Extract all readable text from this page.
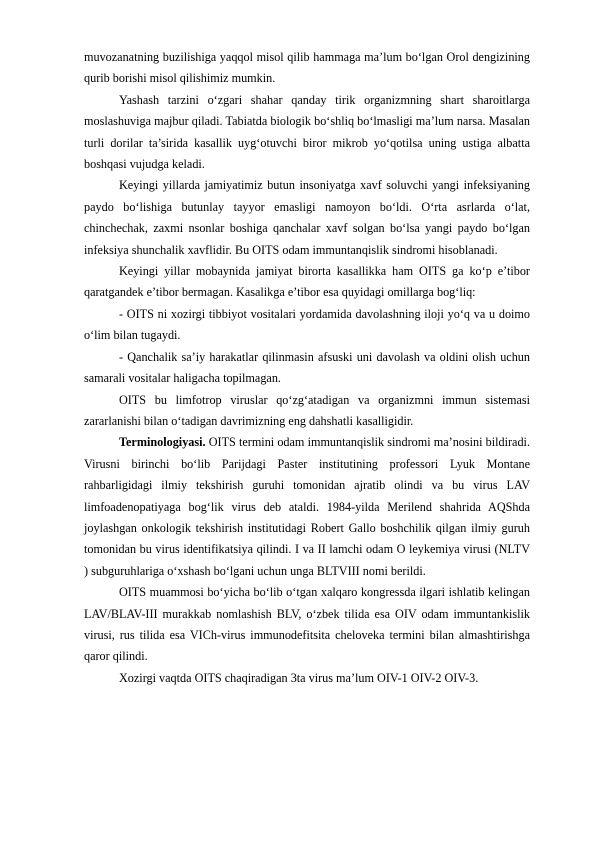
muvozanatning buzilishiga yaqqol misol qilib hammaga ma’lum bo‘lgan Orol dengizining qurib borishi misol qilishimiz mumkin.

Yashash tarzini o‘zgari shahar qanday tirik organizmning shart sharoitlarga moslashuviga majbur qiladi. Tabiatda biologik bo‘shliq bo‘lmasligi ma’lum narsa. Masalan turli dorilar ta’sirida kasallik uyg‘otuvchi biror mikrob yo‘qotilsa uning ustiga albatta boshqasi vujudga keladi.

Keyingi yillarda jamiyatimiz butun insoniyatga xavf soluvchi yangi infeksiyaning paydo bo‘lishiga butunlay tayyor emasligi namoyon bo‘ldi. O‘rta asrlarda o‘lat, chinchechak, zaxmi nsonlar boshiga qanchalar xavf solgan bo‘lsa yangi paydo bo‘lgan infeksiya shunchalik xavflidir. Bu OITS odam immuntanqislik sindromi hisoblanadi.

Keyingi yillar mobaynida jamiyat birorta kasallikka ham OITS ga ko‘p e’tibor qaratgandek e’tibor bermagan. Kasalikga e’tibor esa quyidagi omillarga bog‘liq:

- OITS ni xozirgi tibbiyot vositalari yordamida davolashning iloji yo‘q va u doimo o‘lim bilan tugaydi.

- Qanchalik sa’iy harakatlar qilinmasin afsuski uni davolash va oldini olish uchun samarali vositalar haligacha topilmagan.

OITS bu limfotrop viruslar qo‘zg‘atadigan va organizmni immun sistemasi zararlanishi bilan o‘tadigan davrimizning eng dahshatli kasalligidir.

Terminologiyasi. OITS termini odam immuntanqislik sindromi ma’nosini bildiradi. Virusni birinchi bo‘lib Parijdagi Paster institutining professori Lyuk Montane rahbarligidagi ilmiy tekshirish guruhi tomonidan ajratib olindi va bu virus LAV limfoadenopatiyaga bog‘lik virus deb ataldi. 1984-yilda Merilend shahrida AQShda joylashgan onkologik tekshirish institutidagi Robert Gallo boshchilik qilgan ilmiy guruh tomonidan bu virus identifikatsiya qilindi. I va II lamchi odam O leykemiya virusi (NLTV ) subguruhlariga o‘xshash bo‘lgani uchun unga BLTVIII nomi berildi.

OITS muammosi bo‘yicha bo‘lib o‘tgan xalqaro kongressda ilgari ishlatib kelingan LAV/BLAV-III murakkab nomlashish BLV, o‘zbek tilida esa OIV odam immuntankislik virusi, rus tilida esa VICh-virus immunodefitsita cheloveka termini bilan almashtirishga qaror qilindi.

Xozirgi vaqtda OITS chaqiradigan 3ta virus ma’lum OIV-1 OIV-2 OIV-3.
